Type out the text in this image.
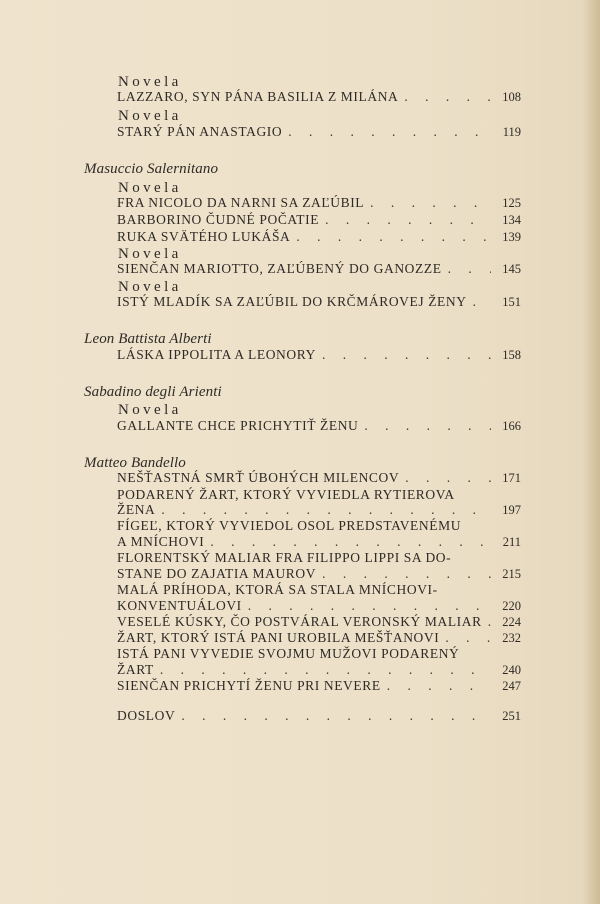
Novela
LAZZARO, SYN PÁNA BASILIA Z MILÁNA . . .	108
Novela
STARÝ PÁN ANASTAGIO . . .	119
Masuccio Salernitano
Novela
FRA NICOLO DA NARNI SA ZAĽÚBIL . . .	125
BARBORINO ČUDNÉ POČATIE . . .	134
RUKA SVÄTÉHO LUKÁŠA . . .	139
Novela
SIENČAN MARIOTTO, ZAĽÚBENÝ DO GANOZZE . . .	145
Novela
ISTÝ MLADÍK SA ZAĽÚBIL DO KRČMÁROVEJ ŽENY . . .	151
Leon Battista Alberti
LÁSKA IPPOLITA A LEONORY . . .	158
Sabadino degli Arienti
Novela
GALLANTE CHCE PRICHYTIŤ ŽENU . . .	166
Matteo Bandello
NEŠŤASTNÁ SMRŤ ÚBOHÝCH MILENCOV . . .	171
PODARENÝ ŽART, KTORÝ VYVIEDLA RYTIEROVA
ŽENA . . .	197
FÍGEĽ, KTORÝ VYVIEDOL OSOL PREDSTAVENÉMU
A MNÍCHOVI . . .	211
FLORENTSKÝ MALIAR FRA FILIPPO LIPPI SA DO-
STANE DO ZAJATIA MAUROV . . .	215
MALÁ PRÍHODA, KTORÁ SA STALA MNÍCHOVI-
KONVENTUÁLOVI . . .	220
VESELÉ KÚSKY, ČO POSTVÁRAL VERONSKÝ MALIAR . . .	224
ŽART, KTORÝ ISTÁ PANI UROBILA MEŠŤANOVI . . .	232
ISTÁ PANI VYVEDIE SVOJMU MUŽOVI PODARENÝ
ŽART . . .	240
SIENČAN PRICHYTÍ ŽENU PRI NEVERE . . .	247
DOSLOV . . .	251
